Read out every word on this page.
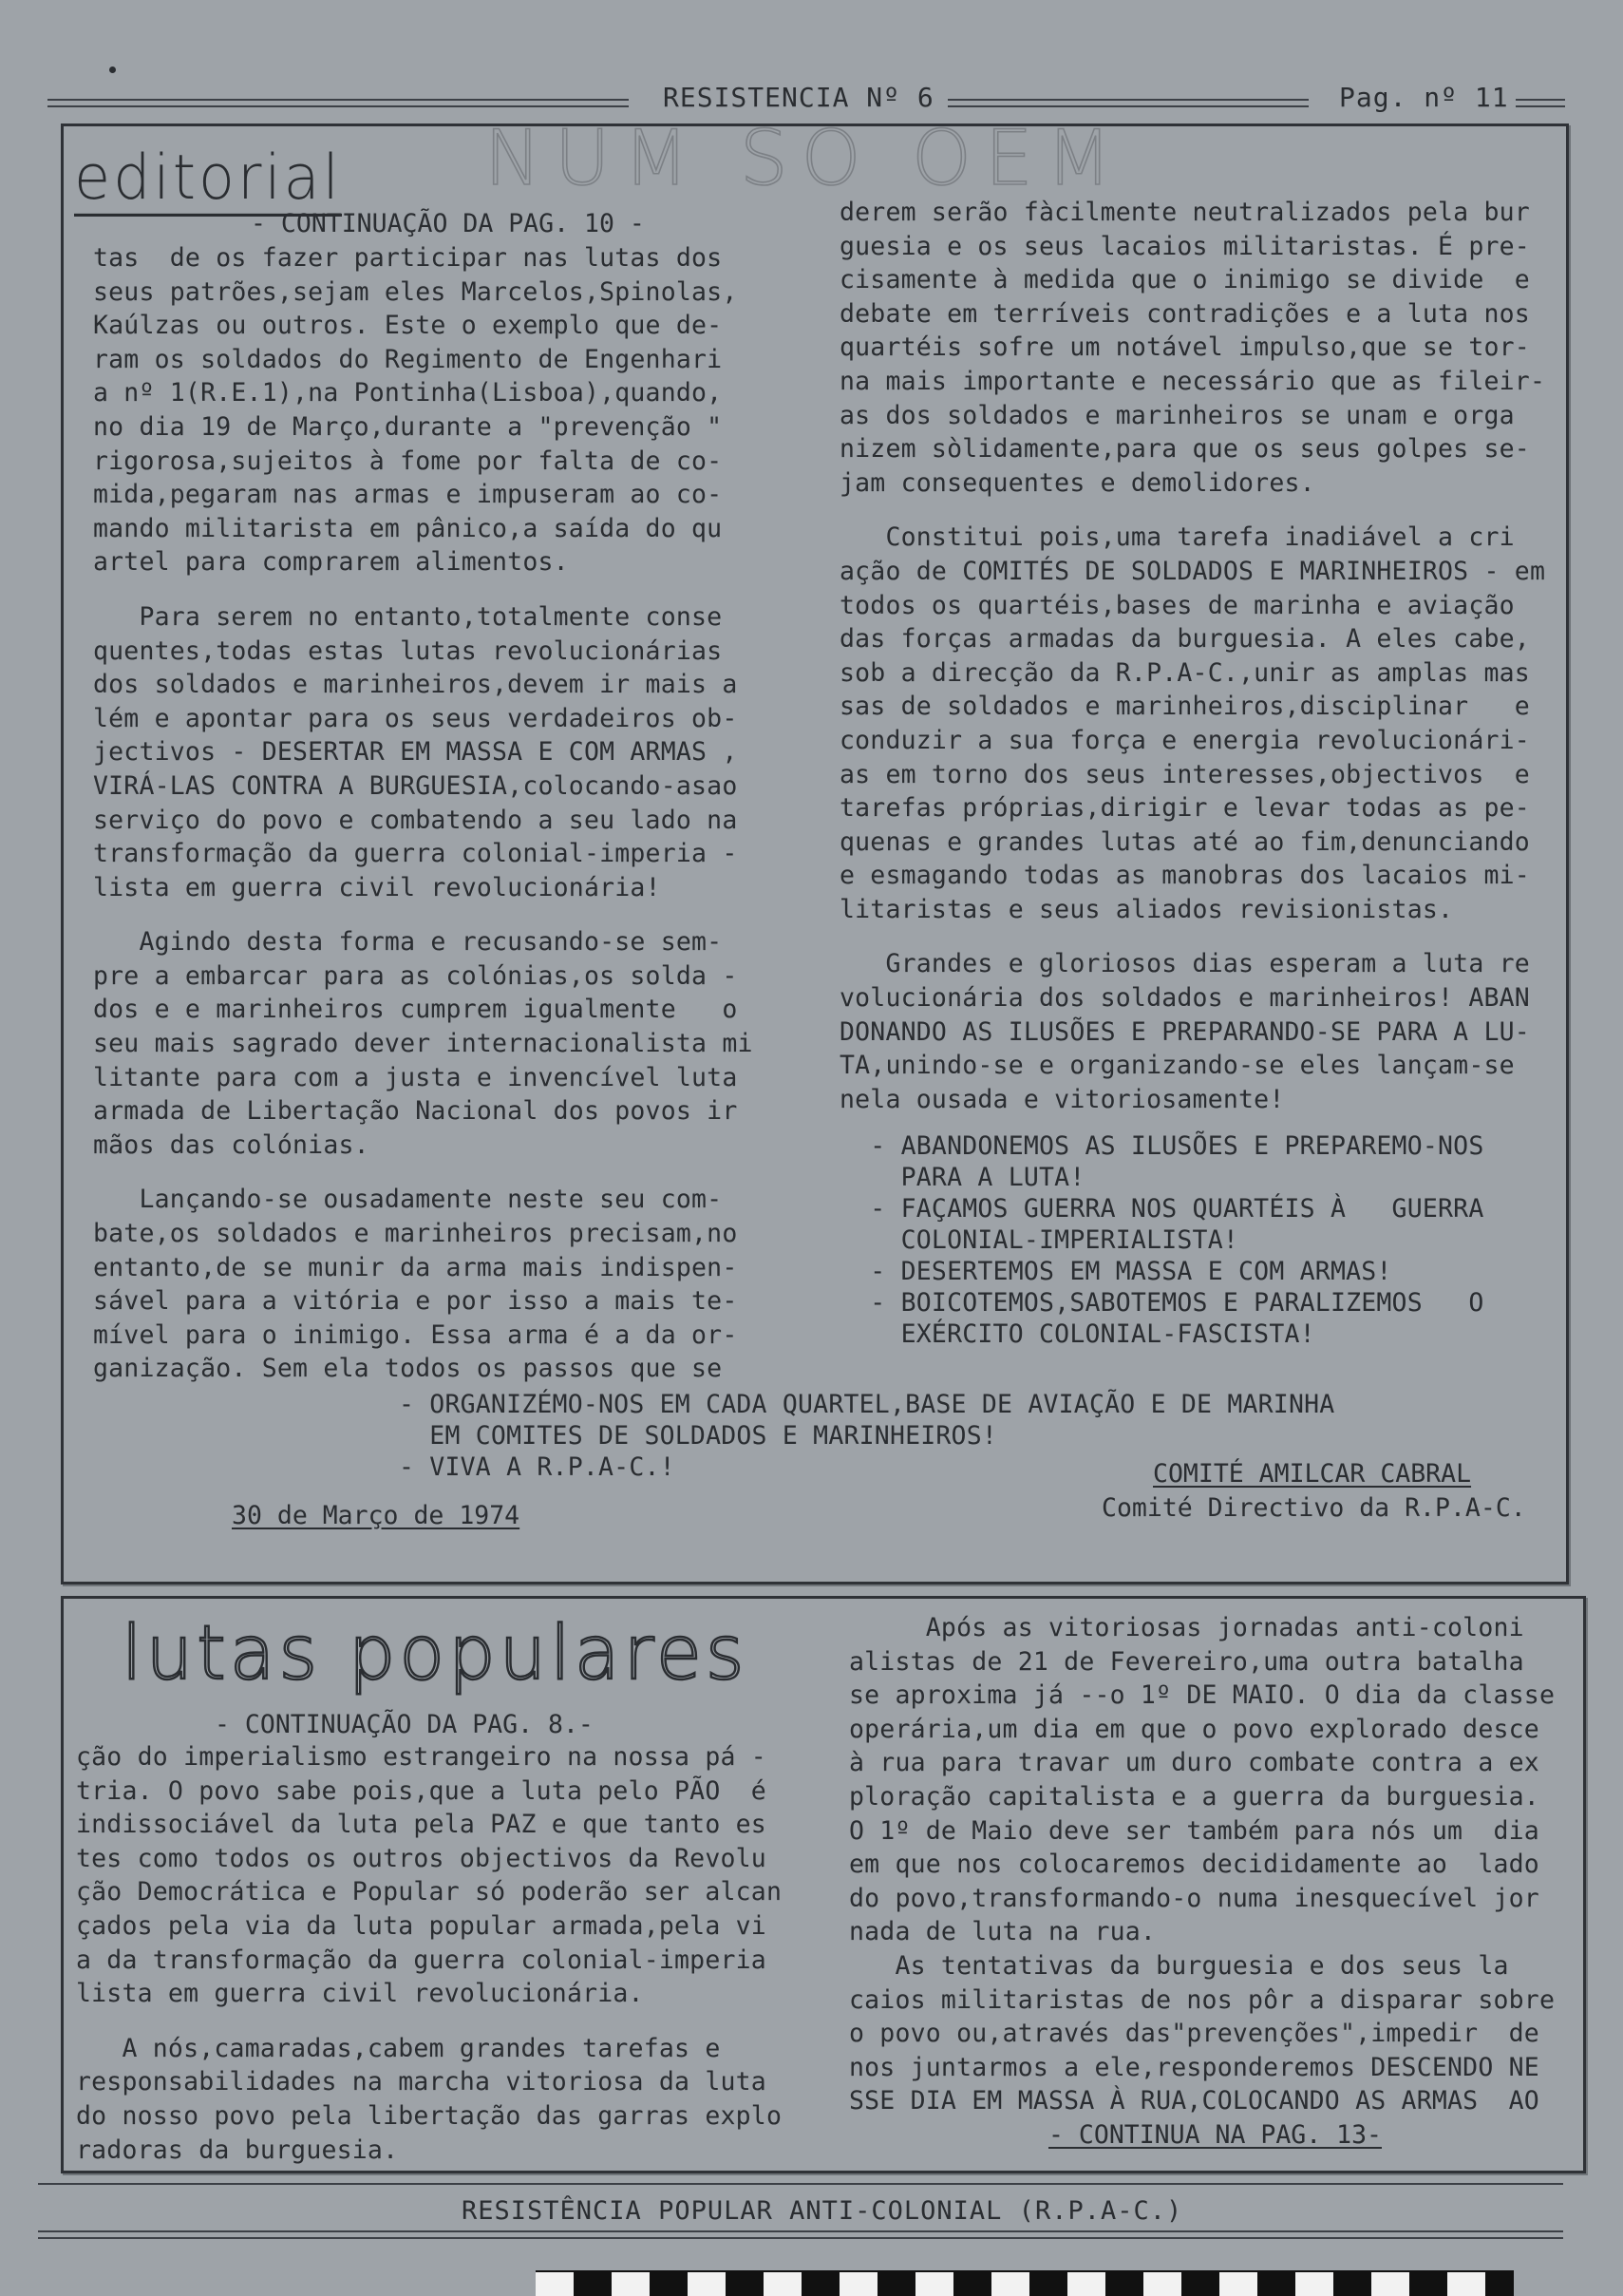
RESISTENCIA Nº 6	Pag. nº 11
NUM SO OEM
editorial
- CONTINUAÇÃO DA PAG. 10 -

tas  de os fazer participar nas lutas dos

seus patrões,sejam eles Marcelos,Spinolas,

Kaúlzas ou outros. Este o exemplo que de-

ram os soldados do Regimento de Engenhari

a nº 1(R.E.1),na Pontinha(Lisboa),quando,

no dia 19 de Março,durante a "prevenção "

rigorosa,sujeitos à fome por falta de co-

mida,pegaram nas armas e impuseram ao co-

mando militarista em pânico,a saída do qu

artel para comprarem alimentos.

Para serem no entanto,totalmente conse

quentes,todas estas lutas revolucionárias

dos soldados e marinheiros,devem ir mais a

lém e apontar para os seus verdadeiros ob-

jectivos - DESERTAR EM MASSA E COM ARMAS ,

VIRÁ-LAS CONTRA A BURGUESIA,colocando-asao

serviço do povo e combatendo a seu lado na

transformação da guerra colonial-imperia -

lista em guerra civil revolucionária!

Agindo desta forma e recusando-se sem-

pre a embarcar para as colónias,os solda -

dos e e marinheiros cumprem igualmente   o

seu mais sagrado dever internacionalista mi

litante para com a justa e invencível luta

armada de Libertação Nacional dos povos ir

mãos das colónias.

Lançando-se ousadamente neste seu com-

bate,os soldados e marinheiros precisam,no

entanto,de se munir da arma mais indispen-

sável para a vitória e por isso a mais te-

mível para o inimigo. Essa arma é a da or-

ganização. Sem ela todos os passos que se

derem serão fàcilmente neutralizados pela bur

guesia e os seus lacaios militaristas. É pre-

cisamente à medida que o inimigo se divide  e

debate em terríveis contradições e a luta nos

quartéis sofre um notável impulso,que se tor-

na mais importante e necessário que as fileir-

as dos soldados e marinheiros se unam e orga

nizem sòlidamente,para que os seus golpes se-

jam consequentes e demolidores.

Constitui pois,uma tarefa inadiável a cri

ação de COMITÉS DE SOLDADOS E MARINHEIROS - em

todos os quartéis,bases de marinha e aviação

das forças armadas da burguesia. A eles cabe,

sob a direcção da R.P.A-C.,unir as amplas mas

sas de soldados e marinheiros,disciplinar   e

conduzir a sua força e energia revolucionári-

as em torno dos seus interesses,objectivos  e

tarefas próprias,dirigir e levar todas as pe-

quenas e grandes lutas até ao fim,denunciando

e esmagando todas as manobras dos lacaios mi-

litaristas e seus aliados revisionistas.

Grandes e gloriosos dias esperam a luta re

volucionária dos soldados e marinheiros! ABAN

DONANDO AS ILUSÕES E PREPARANDO-SE PARA A LU-

TA,unindo-se e organizando-se eles lançam-se

nela ousada e vitoriosamente!

- ABANDONEMOS AS ILUSÕES E PREPAREMO-NOS

PARA A LUTA!

- FAÇAMOS GUERRA NOS QUARTÉIS À   GUERRA

COLONIAL-IMPERIALISTA!

- DESERTEMOS EM MASSA E COM ARMAS!

- BOICOTEMOS,SABOTEMOS E PARALIZEMOS   O

EXÉRCITO COLONIAL-FASCISTA!

- ORGANIZÉMO-NOS EM CADA QUARTEL,BASE DE AVIAÇÃO E DE MARINHA

EM COMITES DE SOLDADOS E MARINHEIROS!

- VIVA A R.P.A-C.!

30 de Março de 1974
COMITÉ AMILCAR CABRAL
Comité Directivo da R.P.A-C.
lutas populares
- CONTINUAÇÃO DA PAG. 8.-

ção do imperialismo estrangeiro na nossa pá -

tria. O povo sabe pois,que a luta pelo PÃO  é

indissociável da luta pela PAZ e que tanto es

tes como todos os outros objectivos da Revolu

ção Democrática e Popular só poderão ser alcan

çados pela via da luta popular armada,pela vi

a da transformação da guerra colonial-imperia

lista em guerra civil revolucionária.

A nós,camaradas,cabem grandes tarefas e

responsabilidades na marcha vitoriosa da luta

do nosso povo pela libertação das garras explo

radoras da burguesia.

Após as vitoriosas jornadas anti-coloni

alistas de 21 de Fevereiro,uma outra batalha

se aproxima já --o 1º DE MAIO. O dia da classe

operária,um dia em que o povo explorado desce

à rua para travar um duro combate contra a ex

ploração capitalista e a guerra da burguesia.

O 1º de Maio deve ser também para nós um  dia

em que nos colocaremos decididamente ao  lado

do povo,transformando-o numa inesquecível jor

nada de luta na rua.

As tentativas da burguesia e dos seus la

caios militaristas de nos pôr a disparar sobre

o povo ou,através das"prevenções",impedir  de

nos juntarmos a ele,responderemos DESCENDO NE

SSE DIA EM MASSA À RUA,COLOCANDO AS ARMAS  AO

- CONTINUA NA PAG. 13-
RESISTÊNCIA POPULAR ANTI-COLONIAL (R.P.A-C.)
